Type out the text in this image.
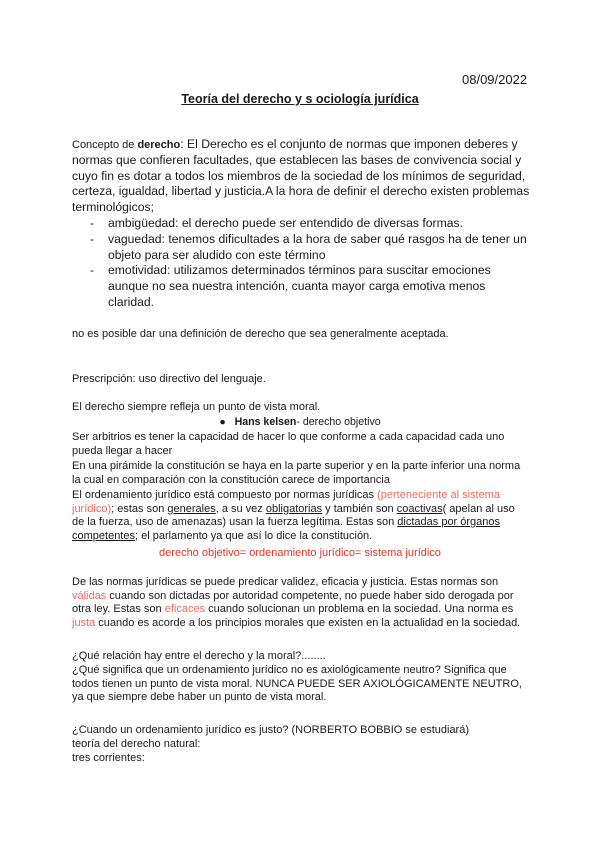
08/09/2022
Teoría del derecho y s ociología jurídica
Concepto de derecho: El Derecho es el conjunto de normas que imponen deberes y normas que confieren facultades, que establecen las bases de convivencia social y cuyo fin es dotar a todos los miembros de la sociedad de los mínimos de seguridad, certeza, igualdad, libertad y justicia.A la hora de definir el derecho existen problemas terminológicos;
- ambigüedad: el derecho puede ser entendido de diversas formas.
- vaguedad: tenemos dificultades a la hora de saber qué rasgos ha de tener un objeto para ser aludido con este término
- emotividad: utilizamos determinados términos para suscitar emociones aunque no sea nuestra intención, cuanta mayor carga emotiva menos claridad.
no es posible dar una definición de derecho que sea generalmente aceptada.
Prescripción: uso directivo del lenguaje.
El derecho siempre refleja un punto de vista moral.
●   Hans kelsen- derecho objetivo
Ser arbitrios es tener la capacidad de hacer lo que conforme a cada capacidad cada uno pueda llegar a hacer
En una pirámide la constitución se haya en la parte superior y en la parte inferior una norma la cual en comparación con la constitución carece de importancia
El ordenamiento jurídico está compuesto por normas jurídicas (perteneciente al sistema jurídico); estas son generales, a su vez obligatorias y también son coactivas( apelan al uso de la fuerza, uso de amenazas) usan la fuerza legítima. Estas son dictadas por órganos competentes; el parlamento ya que así lo dice la constitución.
derecho objetivo= ordenamiento jurídico= sistema jurídico
De las normas jurídicas se puede predicar validez, eficacia y justicia. Estas normas son válidas cuando son dictadas por autoridad competente, no puede haber sido derogada por otra ley. Estas son eficaces cuando solucionan un problema en la sociedad. Una norma es justa cuando es acorde a los principios morales que existen en la actualidad en la sociedad.
¿Qué relación hay entre el derecho y la moral?........
¿Qué significa que un ordenamiento jurídico no es axiológicamente neutro? Significa que todos tienen un punto de vista moral. NUNCA PUEDE SER AXIOLÓGICAMENTE NEUTRO, ya que siempre debe haber un punto de vista moral.
¿Cuando un ordenamiento jurídico es justo? (NORBERTO BOBBIO se estudiará)
teoría del derecho natural:
tres corrientes:
